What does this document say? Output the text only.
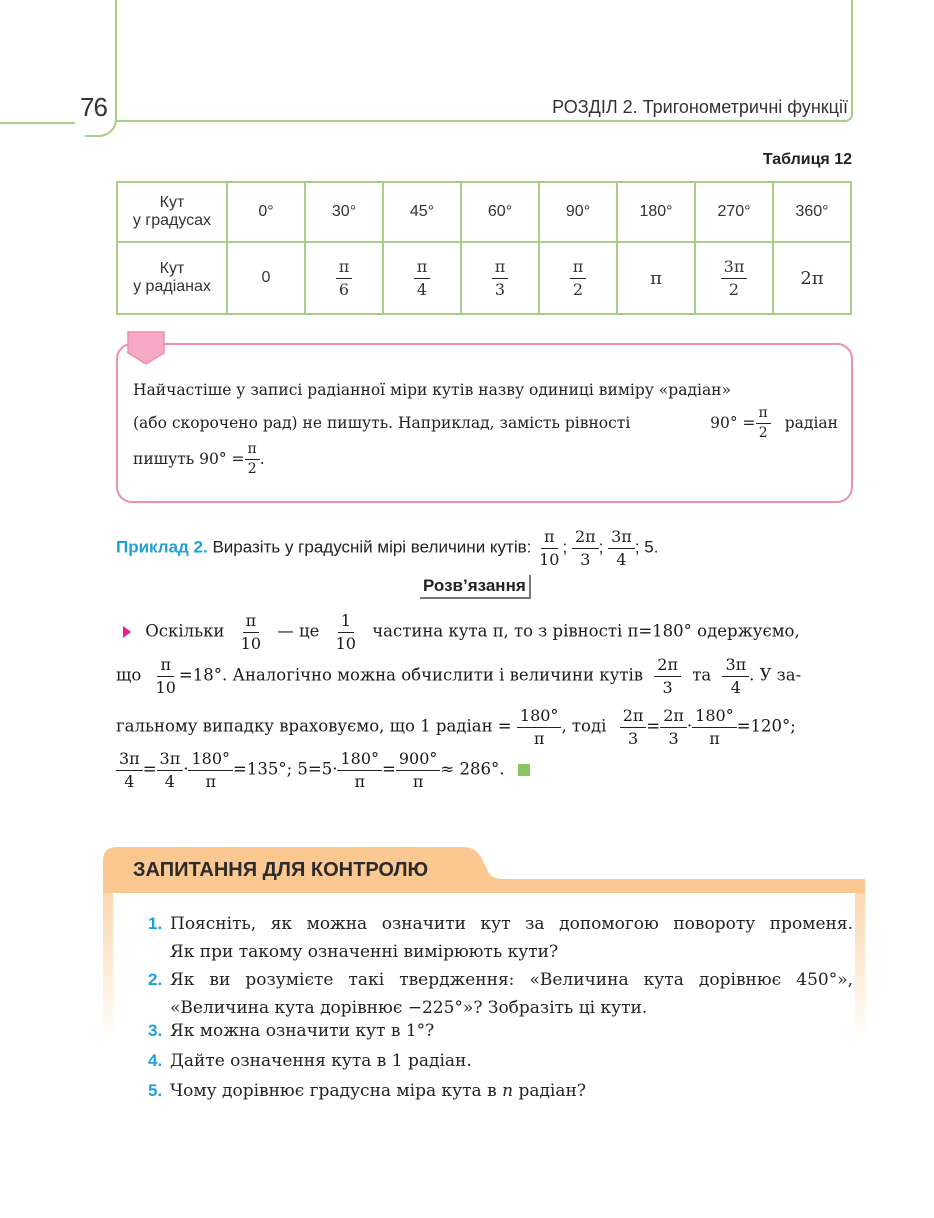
76	РОЗДІЛ 2. Тригонометричні функції
Таблиця 12
Кут
у градусах	0°	30°	45°	60°	90°	180°	270°	360°
Кут
у радіанах	0	$\frac{\pi}{6}$	$\frac{\pi}{4}$	$\frac{\pi}{3}$	$\frac{\pi}{2}$	π	$\frac{3\pi}{2}$	2π
Найчастіше у записі радіанної міри кутів назву одиниці виміру «радіан»
(або скорочено рад) не пишуть. Наприклад, замість рівності	$90^\circ = \frac{\pi}{2}$ радіан
пишуть $90^\circ = \frac{\pi}{2}$ .
Приклад 2. Виразіть у градусній мірі величини кутів: $\frac{\pi}{10}$ ; $\frac{2\pi}{3}$ ; $\frac{3\pi}{4}$ ; 5.
Розв’язання
Оскільки $\frac{\pi}{10}$ — це $\frac{1}{10}$ частина кута π, то з рівності π=180° одержуємо,
що $\frac{\pi}{10} =18^\circ$. Аналогічно можна обчислити і величини кутів $\frac{2\pi}{3}$ та $\frac{3\pi}{4}$ . У за-
гальному випадку враховуємо, що 1 радіан = $\frac{180^\circ}{\pi}$ , тоді $\frac{2\pi}{3} = \frac{2\pi}{3} \cdot \frac{180^\circ}{\pi} =120^\circ$;
$\frac{3\pi}{4} = \frac{3\pi}{4} \cdot \frac{180^\circ}{\pi} =135^\circ$; $5=5\cdot \frac{180^\circ}{\pi} = \frac{900^\circ}{\pi} \approx 286^\circ$.
ЗАПИТАННЯ ДЛЯ КОНТРОЛЮ
1. Поясніть, як можна означити кут за допомогою повороту променя.
Як при такому означенні вимірюють кути?
2. Як ви розумієте такі твердження: «Величина кута дорівнює 450°»,
«Величина кута дорівнює −225°»? Зобразіть ці кути.
3. Як можна означити кут в 1°?
4. Дайте означення кута в 1 радіан.
5. Чому дорівнює градусна міра кута в n радіан?
